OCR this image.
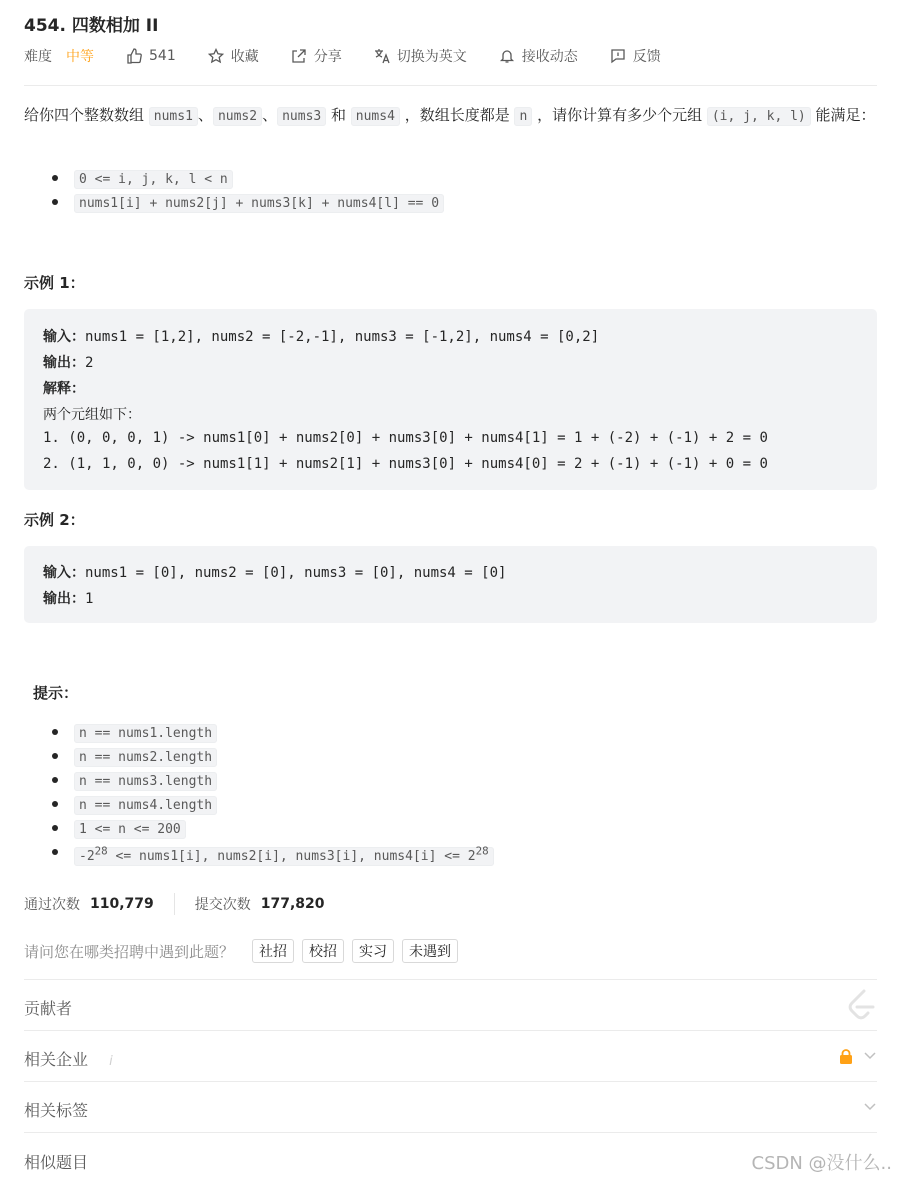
454. 四数相加 II
难度 中等	541	收藏	分享	切换为英文	接收动态	反馈
给你四个整数数组 nums1 、 nums2 、 nums3 和 nums4 ，数组长度都是 n ，请你计算有多少个元组 (i, j, k, l) 能满足：
0 <= i, j, k, l < n
nums1[i] + nums2[j] + nums3[k] + nums4[l] == 0
示例 1：
输入：nums1 = [1,2], nums2 = [-2,-1], nums3 = [-1,2], nums4 = [0,2]
输出：2
解释：
两个元组如下：
1. (0, 0, 0, 1) -> nums1[0] + nums2[0] + nums3[0] + nums4[1] = 1 + (-2) + (-1) + 2 = 0
2. (1, 1, 0, 0) -> nums1[1] + nums2[1] + nums3[0] + nums4[0] = 2 + (-1) + (-1) + 0 = 0
示例 2：
输入：nums1 = [0], nums2 = [0], nums3 = [0], nums4 = [0]
输出：1
提示：
n == nums1.length
n == nums2.length
n == nums3.length
n == nums4.length
1 <= n <= 200
$-2^{28}$ <= nums1[i], nums2[i], nums3[i], nums4[i] <= $2^{28}$
通过次数 110,779	提交次数 177,820
请问您在哪类招聘中遇到此题？	社招	校招	实习	未遇到
贡献者
相关企业 i
相关标签
相似题目	CSDN @没什么..
